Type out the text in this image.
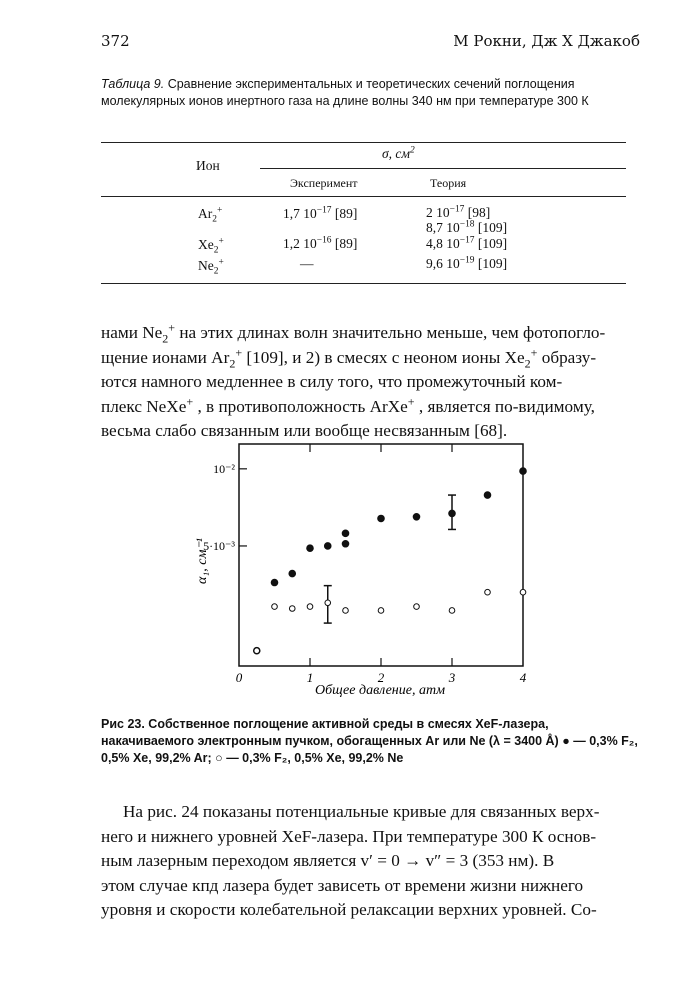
372	М Рокни, Дж Х Джакоб
Таблица 9. Сравнение экспериментальных и теоретических сечений поглощения молекулярных ионов инертного газа на длине волны 340 нм при температуре 300 К
Ион
σ, $см^2$
Эксперимент	Теория
$Ar_2^+$	1,7 $10^{-17}$ [89]	2 $10^{-17}$ [98]
8,7 $10^{-18}$ [109]
$Xe_2^+$	1,2 $10^{-16}$ [89]	4,8 $10^{-17}$ [109]
$Ne_2^+$	—	9,6 $10^{-19}$ [109]

нами $Ne_2^+$ на этих длинах волн значительно меньше, чем фотопогло-

щение ионами $Ar_2^+$ [109], и 2) в смесях с неоном ионы $Xe_2^+$ образу-

ются намного медленнее в силу того, что промежуточный ком-

плекс NeXe+ , в противоположность ArXe+ , является по-видимому,

весьма слабо связанным или вообще несвязанным [68].

0	1	2	3	4
10⁻²
5·10⁻³
Общее давление, атм
α₁, см⁻¹
Рис 23. Собственное поглощение активной среды в смесях XeF-лазера, накачиваемого электронным пучком, обогащенных Ar или Ne (λ = 3400 Å) ● — 0,3% F₂, 0,5% Xe, 99,2% Ar; ○ — 0,3% F₂, 0,5% Xe, 99,2% Ne

На рис. 24 показаны потенциальные кривые для связанных верх-

него и нижнего уровней XeF-лазера. При температуре 300 К основ-

ным лазерным переходом является v′ = 0 → v″ = 3 (353 нм). В

этом случае кпд лазера будет зависеть от времени жизни нижнего

уровня и скорости колебательной релаксации верхних уровней. Со-
